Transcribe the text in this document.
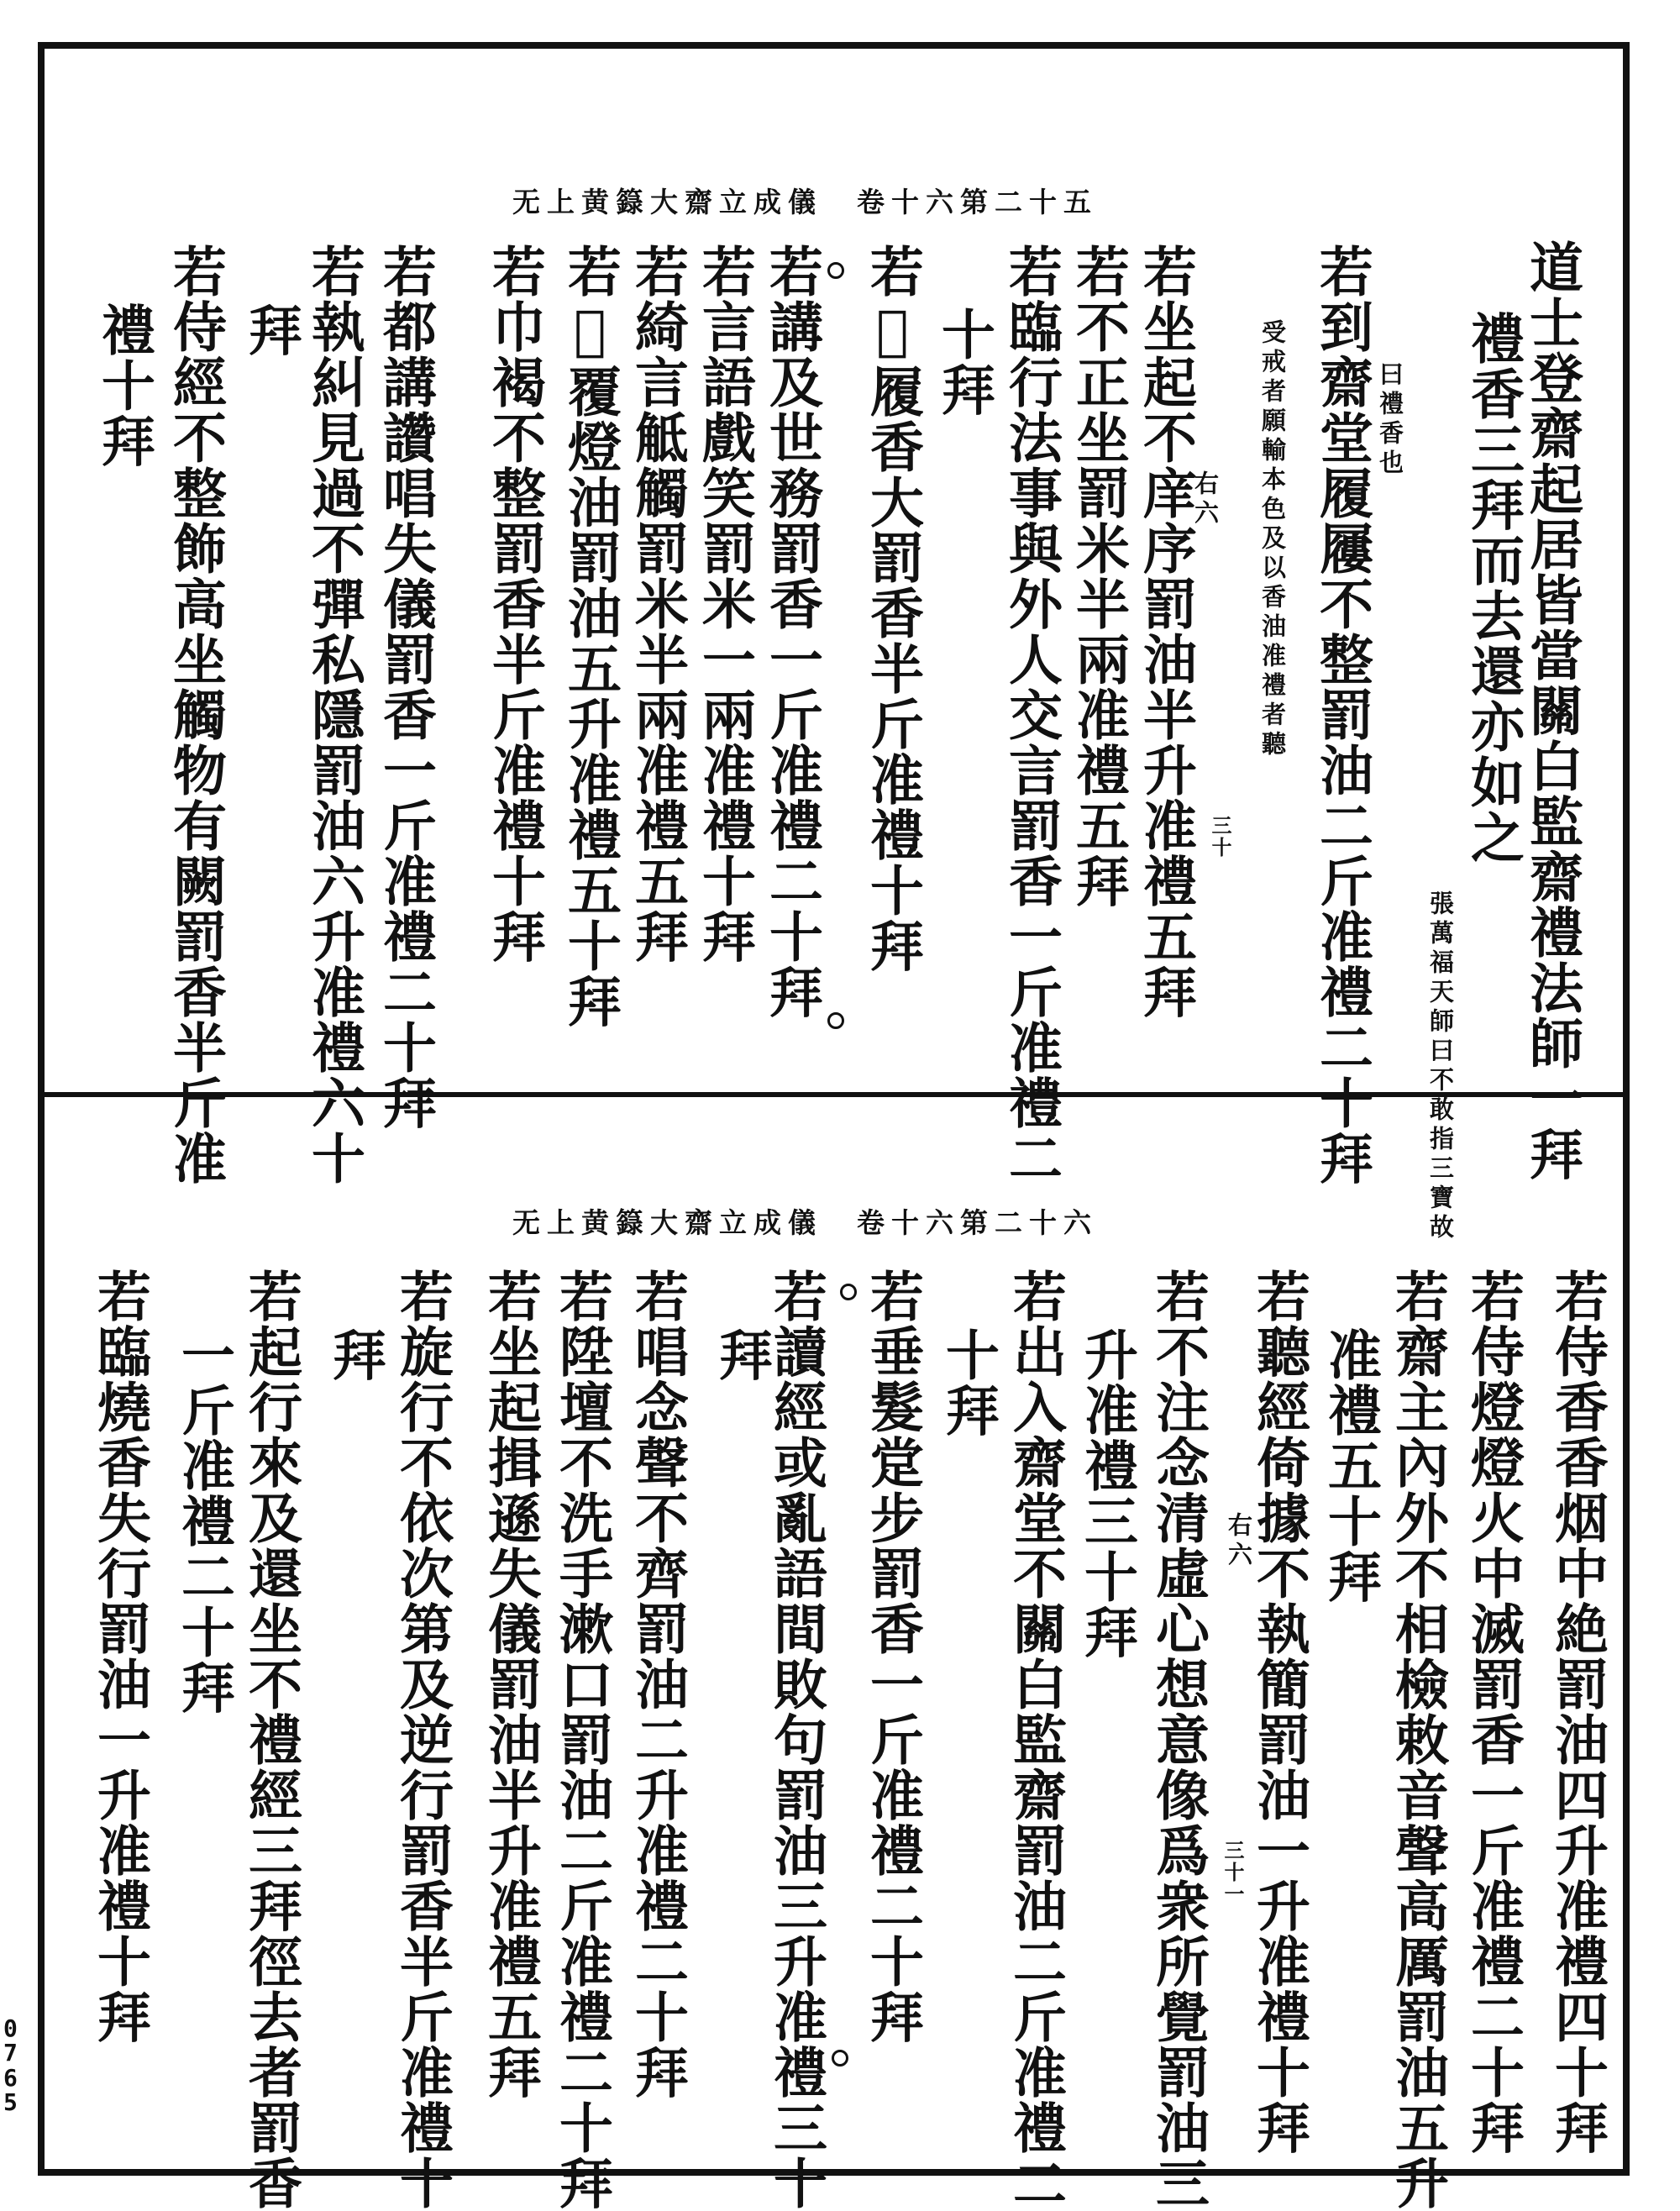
无上黄籙大齋立成儀　卷十六第二十五
道士登齋起居皆當關白監齋禮法師一拜
禮香三拜而去還亦如之
張萬福天師曰不敢指三寶故
曰禮香也
若到齋堂履屨不整罰油二斤准禮二十拜
受戒者願輸本色及以香油准禮者聽
右六
若坐起不庠序罰油半升准禮五拜
若不正坐罰米半兩准禮五拜
若臨行法事與外人交言罰香一斤准禮二
十拜
若𩬊履香大罰香半斤准禮十拜
若講及世務罰香一斤准禮二十拜
若言語戲笑罰米一兩准禮十拜
若綺言觝觸罰米半兩准禮五拜
若𩬊覆燈油罰油五升准禮五十拜
若巾褐不整罰香半斤准禮十拜
若都講讚唱失儀罰香一斤准禮二十拜
若執糾見過不彈私隱罰油六升准禮六十
拜
若侍經不整飾高坐觸物有闕罰香半斤准
禮十拜
三十
无上黄籙大齋立成儀　卷十六第二十六
若侍香香烟中絶罰油四升准禮四十拜
若侍燈燈火中滅罰香一斤准禮二十拜
若齋主內外不相檢敕音聲高厲罰油五升
准禮五十拜
若聽經倚據不執簡罰油一升准禮十拜
右六
若不注念清虛心想意像爲衆所覺罰油三
升准禮三十拜
若出入齋堂不關白監齋罰油二斤准禮二
十拜
若垂髮䟫步罰香一斤准禮二十拜
若讀經或亂語間敗句罰油三升准禮三十
拜
若唱念聲不齊罰油二升准禮二十拜
若陞壇不洗手漱口罰油二斤准禮二十拜
若坐起揖遜失儀罰油半升准禮五拜
若旋行不依次第及逆行罰香半斤准禮十
拜
若起行來及還坐不禮經三拜徑去者罰香
一斤准禮二十拜
若臨燒香失行罰油一升准禮十拜	三十一
0765
